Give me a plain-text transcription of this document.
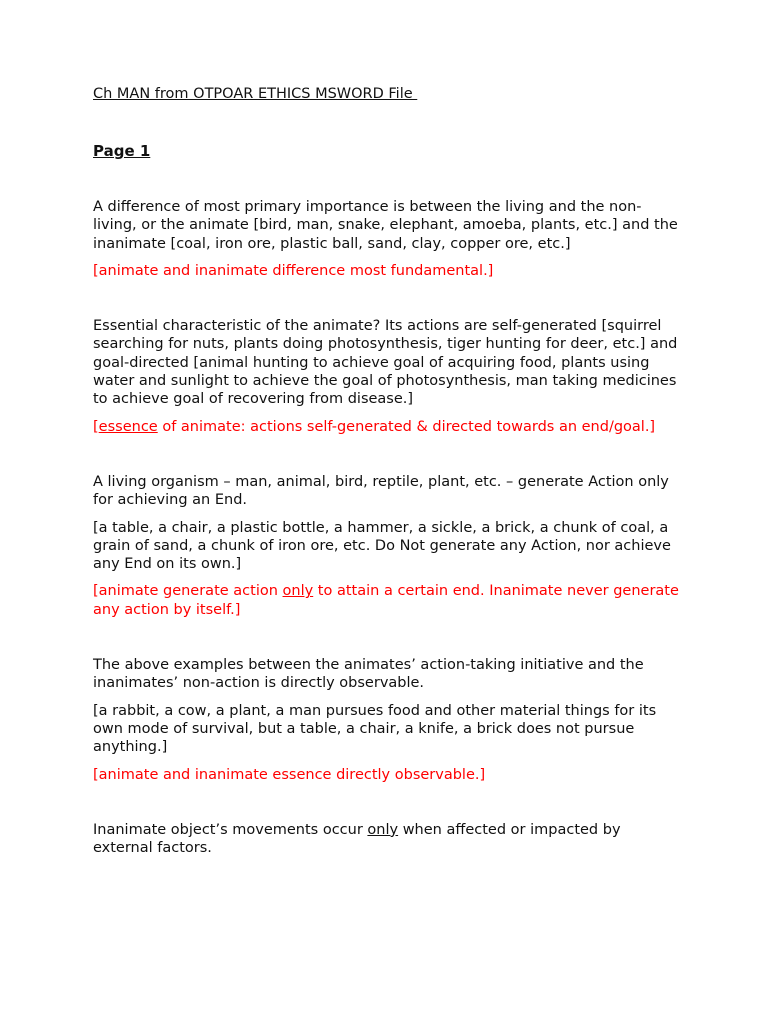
Ch MAN from OTPOAR ETHICS MSWORD File
Page 1

A difference of most primary importance is between the living and the non-living, or the animate [bird, man, snake, elephant, amoeba, plants, etc.] and the inanimate [coal, iron ore, plastic ball, sand, clay, copper ore, etc.]

[animate and inanimate difference most fundamental.]

Essential characteristic of the animate? Its actions are self-generated [squirrel searching for nuts, plants doing photosynthesis, tiger hunting for deer, etc.] and goal-directed [animal hunting to achieve goal of acquiring food, plants using water and sunlight to achieve the goal of photosynthesis, man taking medicines to achieve goal of recovering from disease.]

[essence of animate: actions self-generated & directed towards an end/goal.]

A living organism – man, animal, bird, reptile, plant, etc. – generate Action only for achieving an End.

[a table, a chair, a plastic bottle, a hammer, a sickle, a brick, a chunk of coal, a grain of sand, a chunk of iron ore, etc. Do Not generate any Action, nor achieve any End on its own.]

[animate generate action only to attain a certain end. Inanimate never generate any action by itself.]

The above examples between the animates’ action-taking initiative and the inanimates’ non-action is directly observable.

[a rabbit, a cow, a plant, a man pursues food and other material things for its own mode of survival, but a table, a chair, a knife, a brick does not pursue anything.]

[animate and inanimate essence directly observable.]

Inanimate object’s movements occur only when affected or impacted by external factors.
